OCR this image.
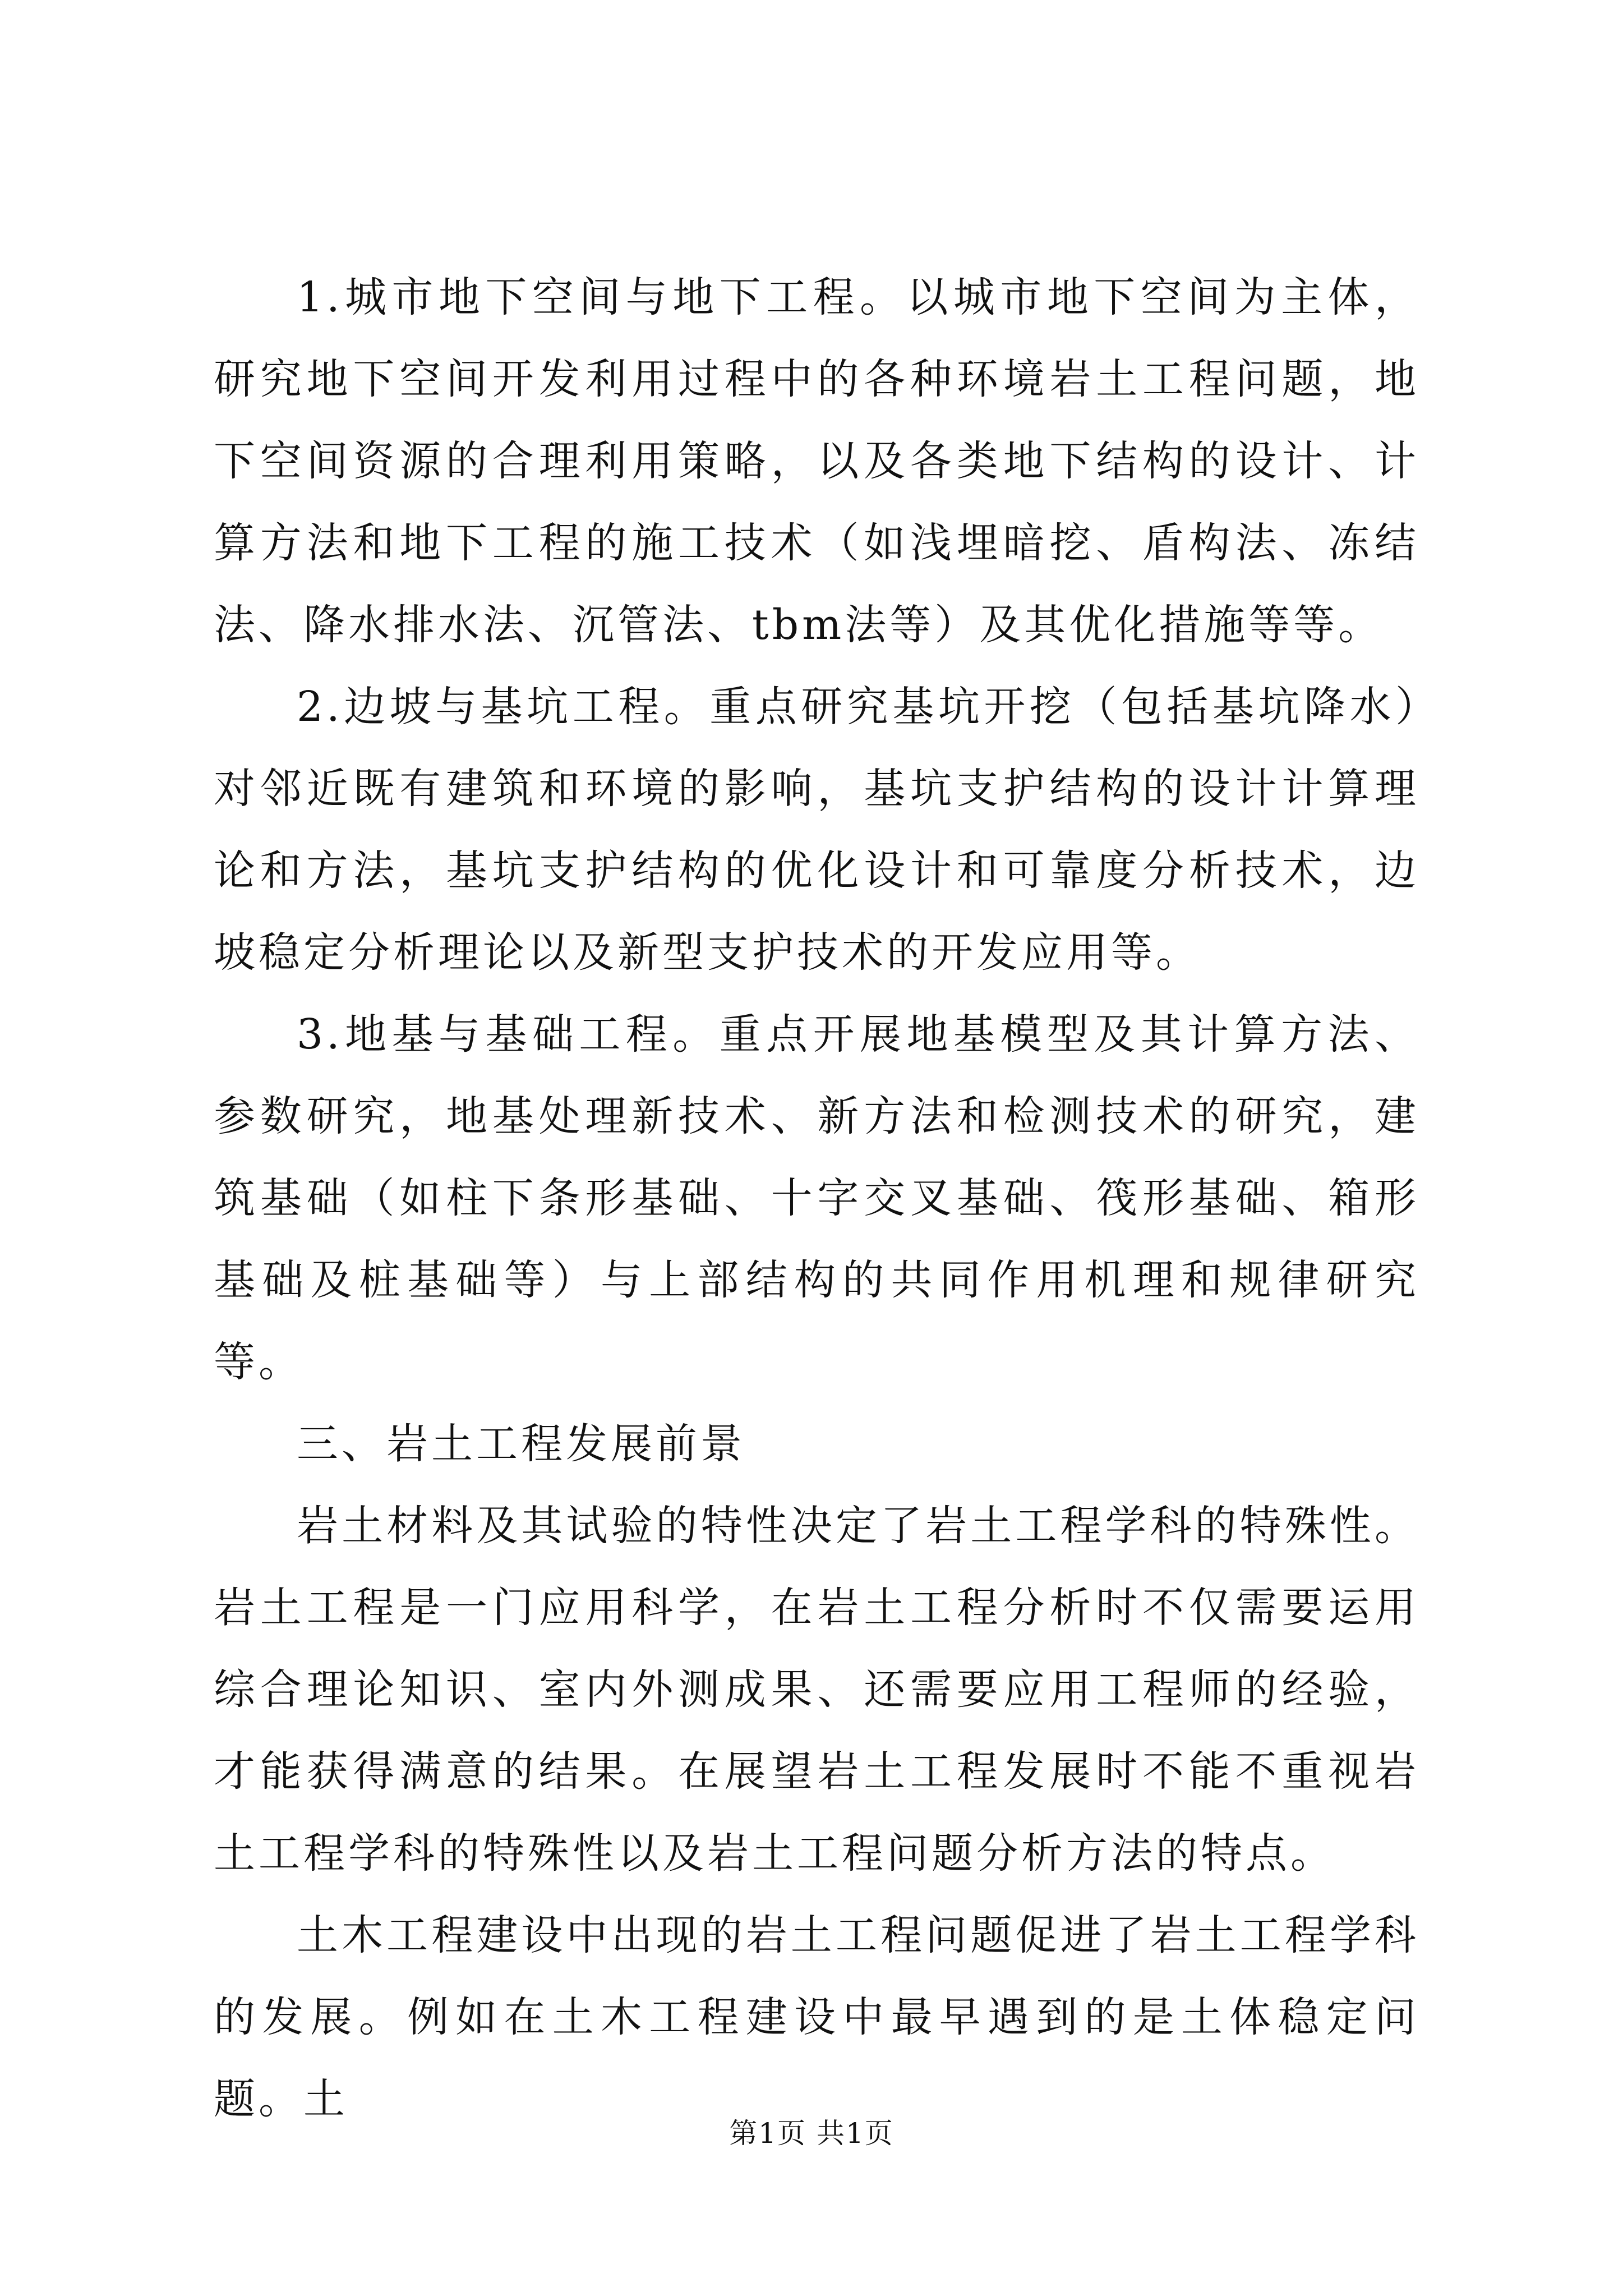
1.城市地下空间与地下工程。以城市地下空间为主体，研究地下空间开发利用过程中的各种环境岩土工程问题，地下空间资源的合理利用策略，以及各类地下结构的设计、计算方法和地下工程的施工技术（如浅埋暗挖、盾构法、冻结法、降水排水法、沉管法、tbm法等）及其优化措施等等。

2.边坡与基坑工程。重点研究基坑开挖（包括基坑降水）对邻近既有建筑和环境的影响，基坑支护结构的设计计算理论和方法，基坑支护结构的优化设计和可靠度分析技术，边坡稳定分析理论以及新型支护技术的开发应用等。

3.地基与基础工程。重点开展地基模型及其计算方法、参数研究，地基处理新技术、新方法和检测技术的研究，建筑基础（如柱下条形基础、十字交叉基础、筏形基础、箱形基础及桩基础等）与上部结构的共同作用机理和规律研究等。

三、岩土工程发展前景

岩土材料及其试验的特性决定了岩土工程学科的特殊性。岩土工程是一门应用科学，在岩土工程分析时不仅需要运用综合理论知识、室内外测成果、还需要应用工程师的经验，才能获得满意的结果。在展望岩土工程发展时不能不重视岩土工程学科的特殊性以及岩土工程问题分析方法的特点。

土木工程建设中出现的岩土工程问题促进了岩土工程学科的发展。例如在土木工程建设中最早遇到的是土体稳定问题。土

第1页 共1页
